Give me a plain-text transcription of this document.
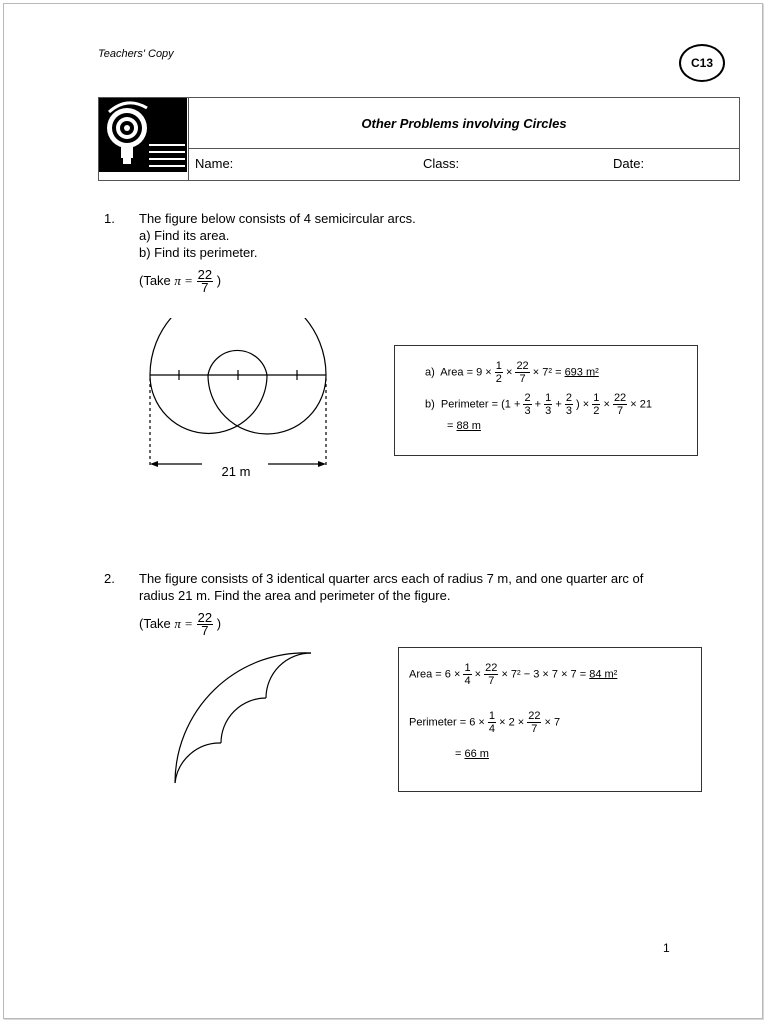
Teachers' Copy
C13
Other Problems involving Circles
Name:	Class:	Date:
1. The figure below consists of 4 semicircular arcs.
a) Find its area.
b) Find its perimeter.
(Take $\pi = \frac{22}{7}$ )
21 m
a) Area = $9 \times \frac{1}{2} \times \frac{22}{7} \times 7^2 = 693$ m²
b) Perimeter = ($1 + \frac{2}{3} + \frac{1}{3} + \frac{2}{3}$ ) × $\frac{1}{2} \times \frac{22}{7} \times 21$
= 88 m
2. The figure consists of 3 identical quarter arcs each of radius 7 m, and one quarter arc of
radius 21 m. Find the area and perimeter of the figure.
(Take $\pi = \frac{22}{7}$ )
Area = $6 \times \frac{1}{4} \times \frac{22}{7} \times 7^2 - 3 \times 7 \times 7 = 84$ m²
Perimeter = $6 \times \frac{1}{4} \times 2 \times \frac{22}{7} \times 7$
= 66 m
1
